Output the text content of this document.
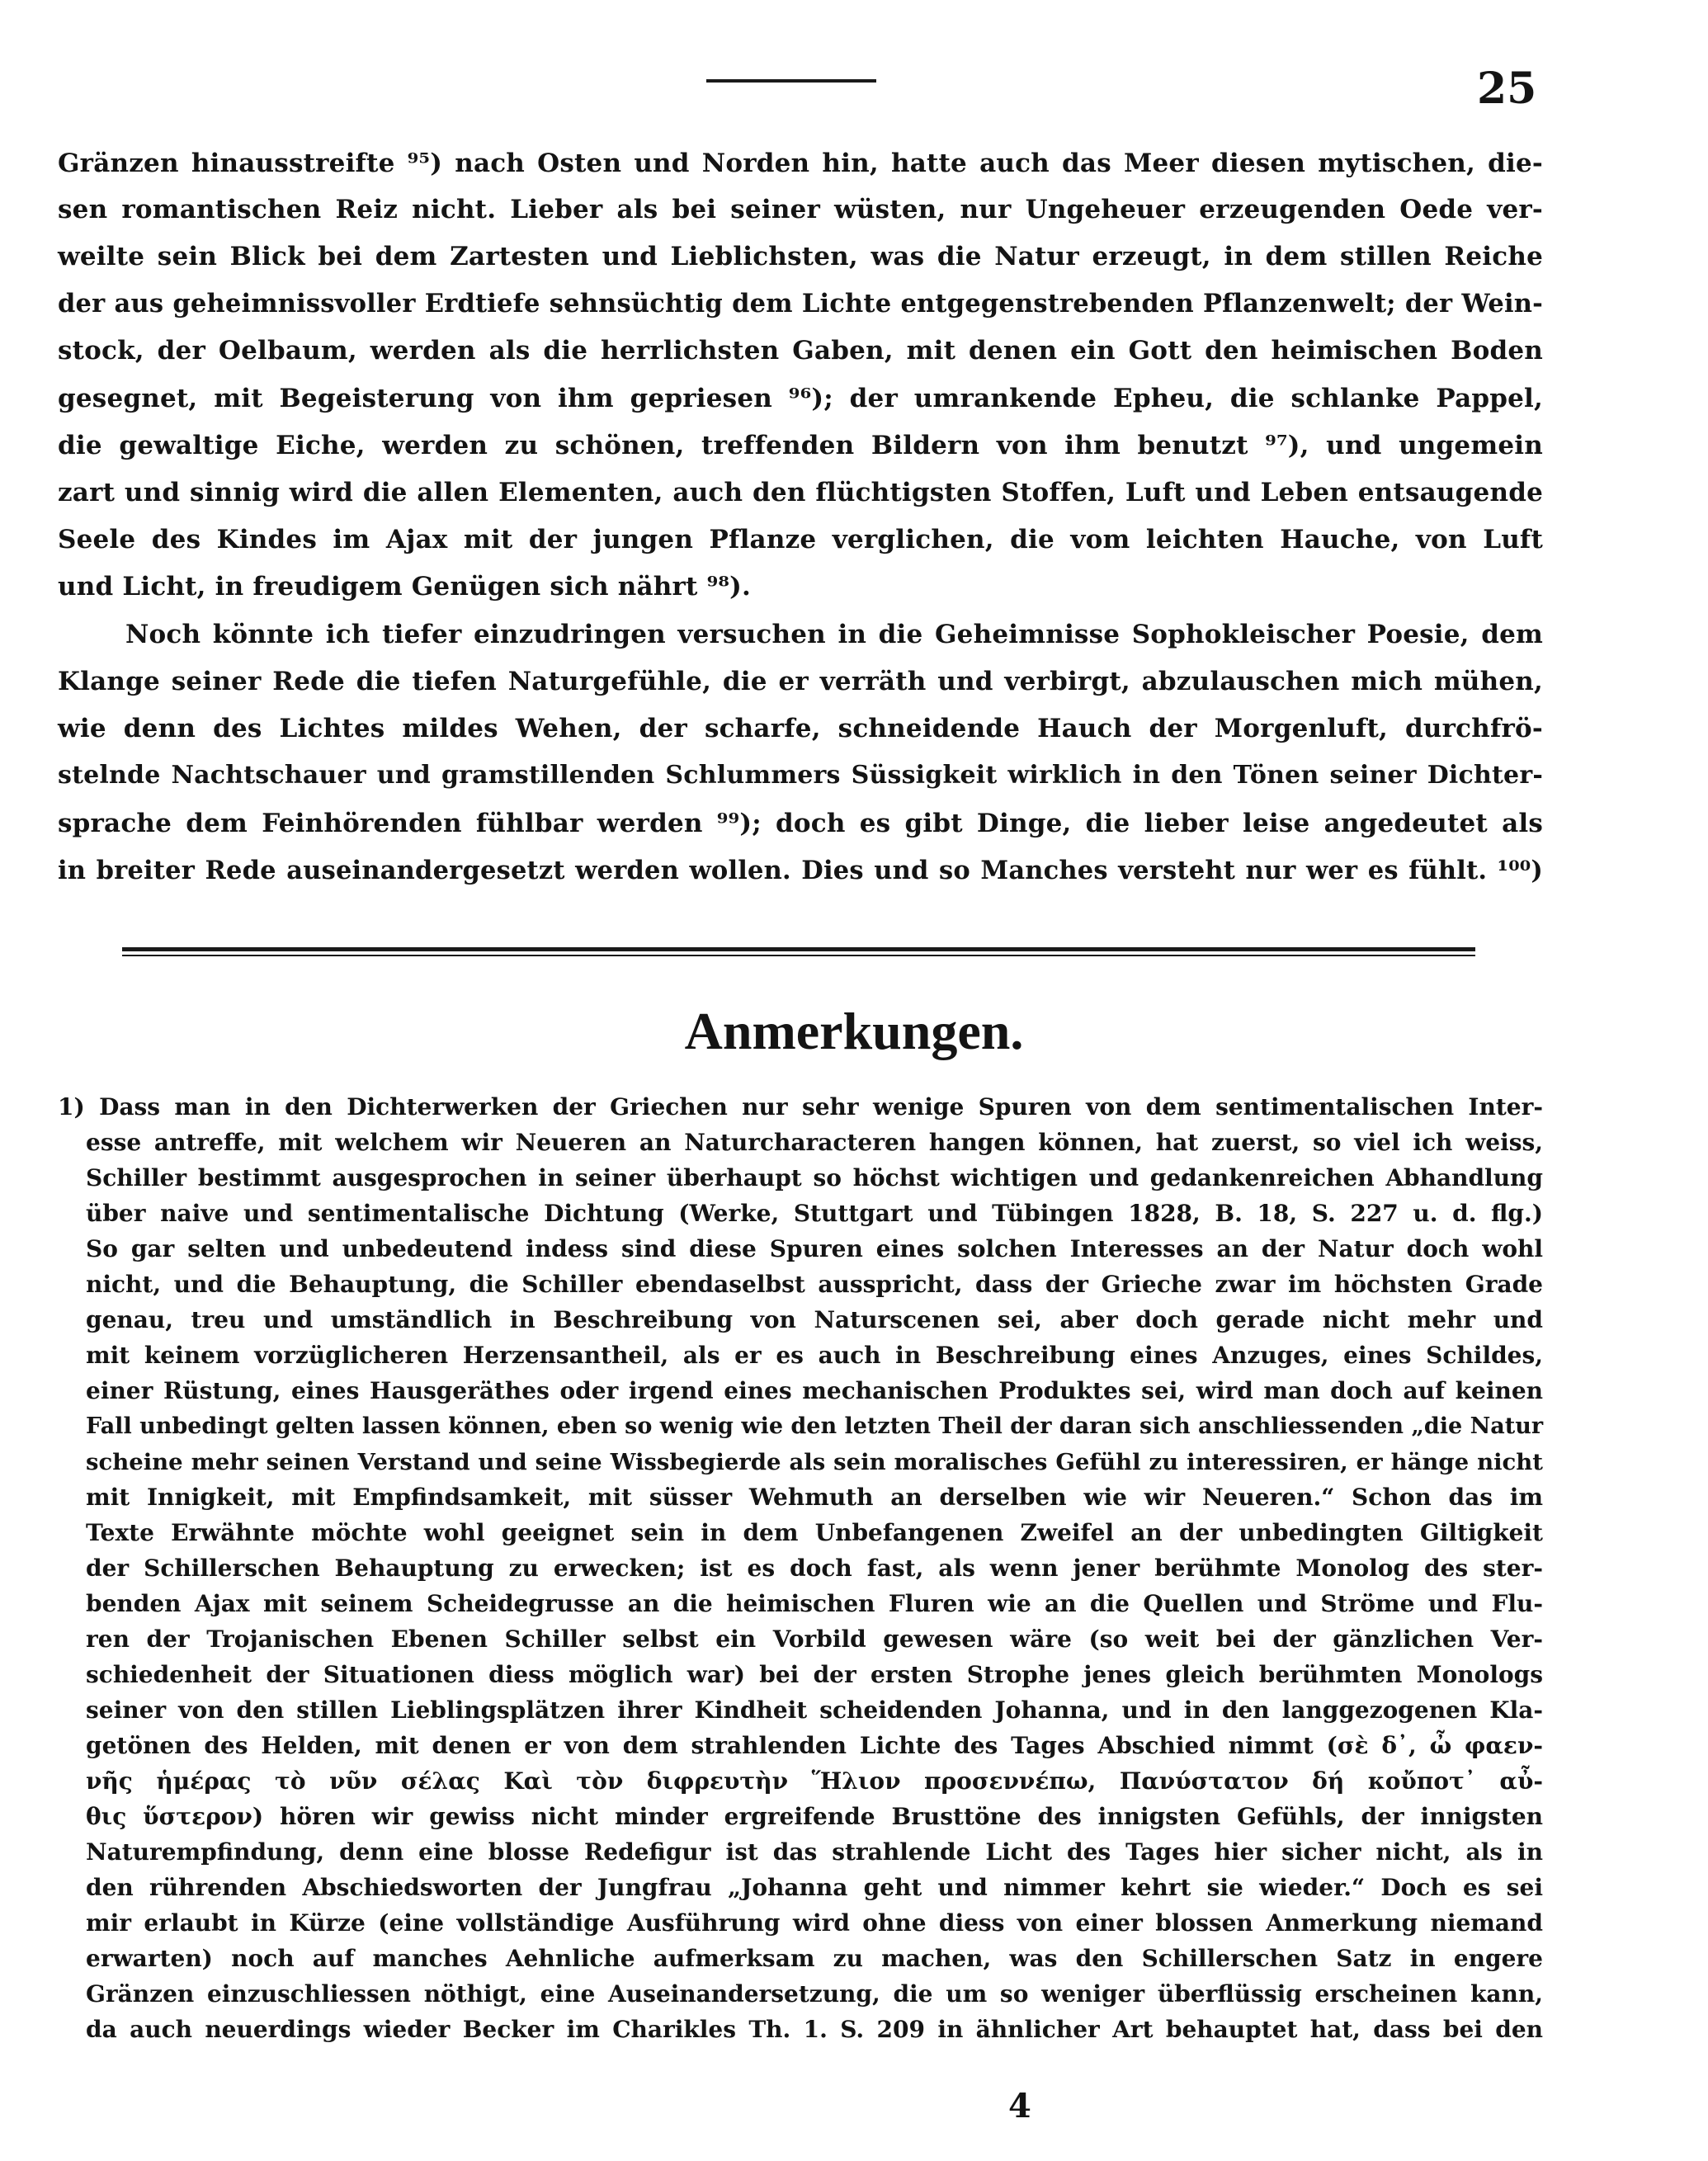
25
Gränzen hinausstreifte ⁹⁵) nach Osten und Norden hin, hatte auch das Meer diesen mytischen, die-
sen romantischen Reiz nicht. Lieber als bei seiner wüsten, nur Ungeheuer erzeugenden Oede ver-
weilte sein Blick bei dem Zartesten und Lieblichsten, was die Natur erzeugt, in dem stillen Reiche
der aus geheimnissvoller Erdtiefe sehnsüchtig dem Lichte entgegenstrebenden Pflanzenwelt; der Wein-
stock, der Oelbaum, werden als die herrlichsten Gaben, mit denen ein Gott den heimischen Boden
gesegnet, mit Begeisterung von ihm gepriesen ⁹⁶); der umrankende Epheu, die schlanke Pappel,
die gewaltige Eiche, werden zu schönen, treffenden Bildern von ihm benutzt ⁹⁷), und ungemein
zart und sinnig wird die allen Elementen, auch den flüchtigsten Stoffen, Luft und Leben entsaugende
Seele des Kindes im Ajax mit der jungen Pflanze verglichen, die vom leichten Hauche, von Luft
und Licht, in freudigem Genügen sich nährt ⁹⁸).
Noch könnte ich tiefer einzudringen versuchen in die Geheimnisse Sophokleischer Poesie, dem
Klange seiner Rede die tiefen Naturgefühle, die er verräth und verbirgt, abzulauschen mich mühen,
wie denn des Lichtes mildes Wehen, der scharfe, schneidende Hauch der Morgenluft, durchfrö-
stelnde Nachtschauer und gramstillenden Schlummers Süssigkeit wirklich in den Tönen seiner Dichter-
sprache dem Feinhörenden fühlbar werden ⁹⁹); doch es gibt Dinge, die lieber leise angedeutet als
in breiter Rede auseinandergesetzt werden wollen. Dies und so Manches versteht nur wer es fühlt. ¹⁰⁰)
Anmerkungen.
1) Dass man in den Dichterwerken der Griechen nur sehr wenige Spuren von dem sentimentalischen Inter-
esse antreffe, mit welchem wir Neueren an Naturcharacteren hangen können, hat zuerst, so viel ich weiss,
Schiller bestimmt ausgesprochen in seiner überhaupt so höchst wichtigen und gedankenreichen Abhandlung
über naive und sentimentalische Dichtung (Werke, Stuttgart und Tübingen 1828, B. 18, S. 227 u. d. flg.)
So gar selten und unbedeutend indess sind diese Spuren eines solchen Interesses an der Natur doch wohl
nicht, und die Behauptung, die Schiller ebendaselbst ausspricht, dass der Grieche zwar im höchsten Grade
genau, treu und umständlich in Beschreibung von Naturscenen sei, aber doch gerade nicht mehr und
mit keinem vorzüglicheren Herzensantheil, als er es auch in Beschreibung eines Anzuges, eines Schildes,
einer Rüstung, eines Hausgeräthes oder irgend eines mechanischen Produktes sei, wird man doch auf keinen
Fall unbedingt gelten lassen können, eben so wenig wie den letzten Theil der daran sich anschliessenden „die Natur
scheine mehr seinen Verstand und seine Wissbegierde als sein moralisches Gefühl zu interessiren, er hänge nicht
mit Innigkeit, mit Empfindsamkeit, mit süsser Wehmuth an derselben wie wir Neueren.“ Schon das im
Texte Erwähnte möchte wohl geeignet sein in dem Unbefangenen Zweifel an der unbedingten Giltigkeit
der Schillerschen Behauptung zu erwecken; ist es doch fast, als wenn jener berühmte Monolog des ster-
benden Ajax mit seinem Scheidegrusse an die heimischen Fluren wie an die Quellen und Ströme und Flu-
ren der Trojanischen Ebenen Schiller selbst ein Vorbild gewesen wäre (so weit bei der gänzlichen Ver-
schiedenheit der Situationen diess möglich war) bei der ersten Strophe jenes gleich berühmten Monologs
seiner von den stillen Lieblingsplätzen ihrer Kindheit scheidenden Johanna, und in den langgezogenen Kla-
getönen des Helden, mit denen er von dem strahlenden Lichte des Tages Abschied nimmt (σὲ δ᾽, ὦ φαεν-
νῆς ἡμέρας τὸ νῦν σέλας Καὶ τὸν διφρευτὴν Ἥλιον προσεννέπω, Πανύστατον δή κοὔποτ᾽ αὖ-
θις ὕστερον) hören wir gewiss nicht minder ergreifende Brusttöne des innigsten Gefühls, der innigsten
Naturempfindung, denn eine blosse Redefigur ist das strahlende Licht des Tages hier sicher nicht, als in
den rührenden Abschiedsworten der Jungfrau „Johanna geht und nimmer kehrt sie wieder.“ Doch es sei
mir erlaubt in Kürze (eine vollständige Ausführung wird ohne diess von einer blossen Anmerkung niemand
erwarten) noch auf manches Aehnliche aufmerksam zu machen, was den Schillerschen Satz in engere
Gränzen einzuschliessen nöthigt, eine Auseinandersetzung, die um so weniger überflüssig erscheinen kann,
da auch neuerdings wieder Becker im Charikles Th. 1. S. 209 in ähnlicher Art behauptet hat, dass bei den
4
